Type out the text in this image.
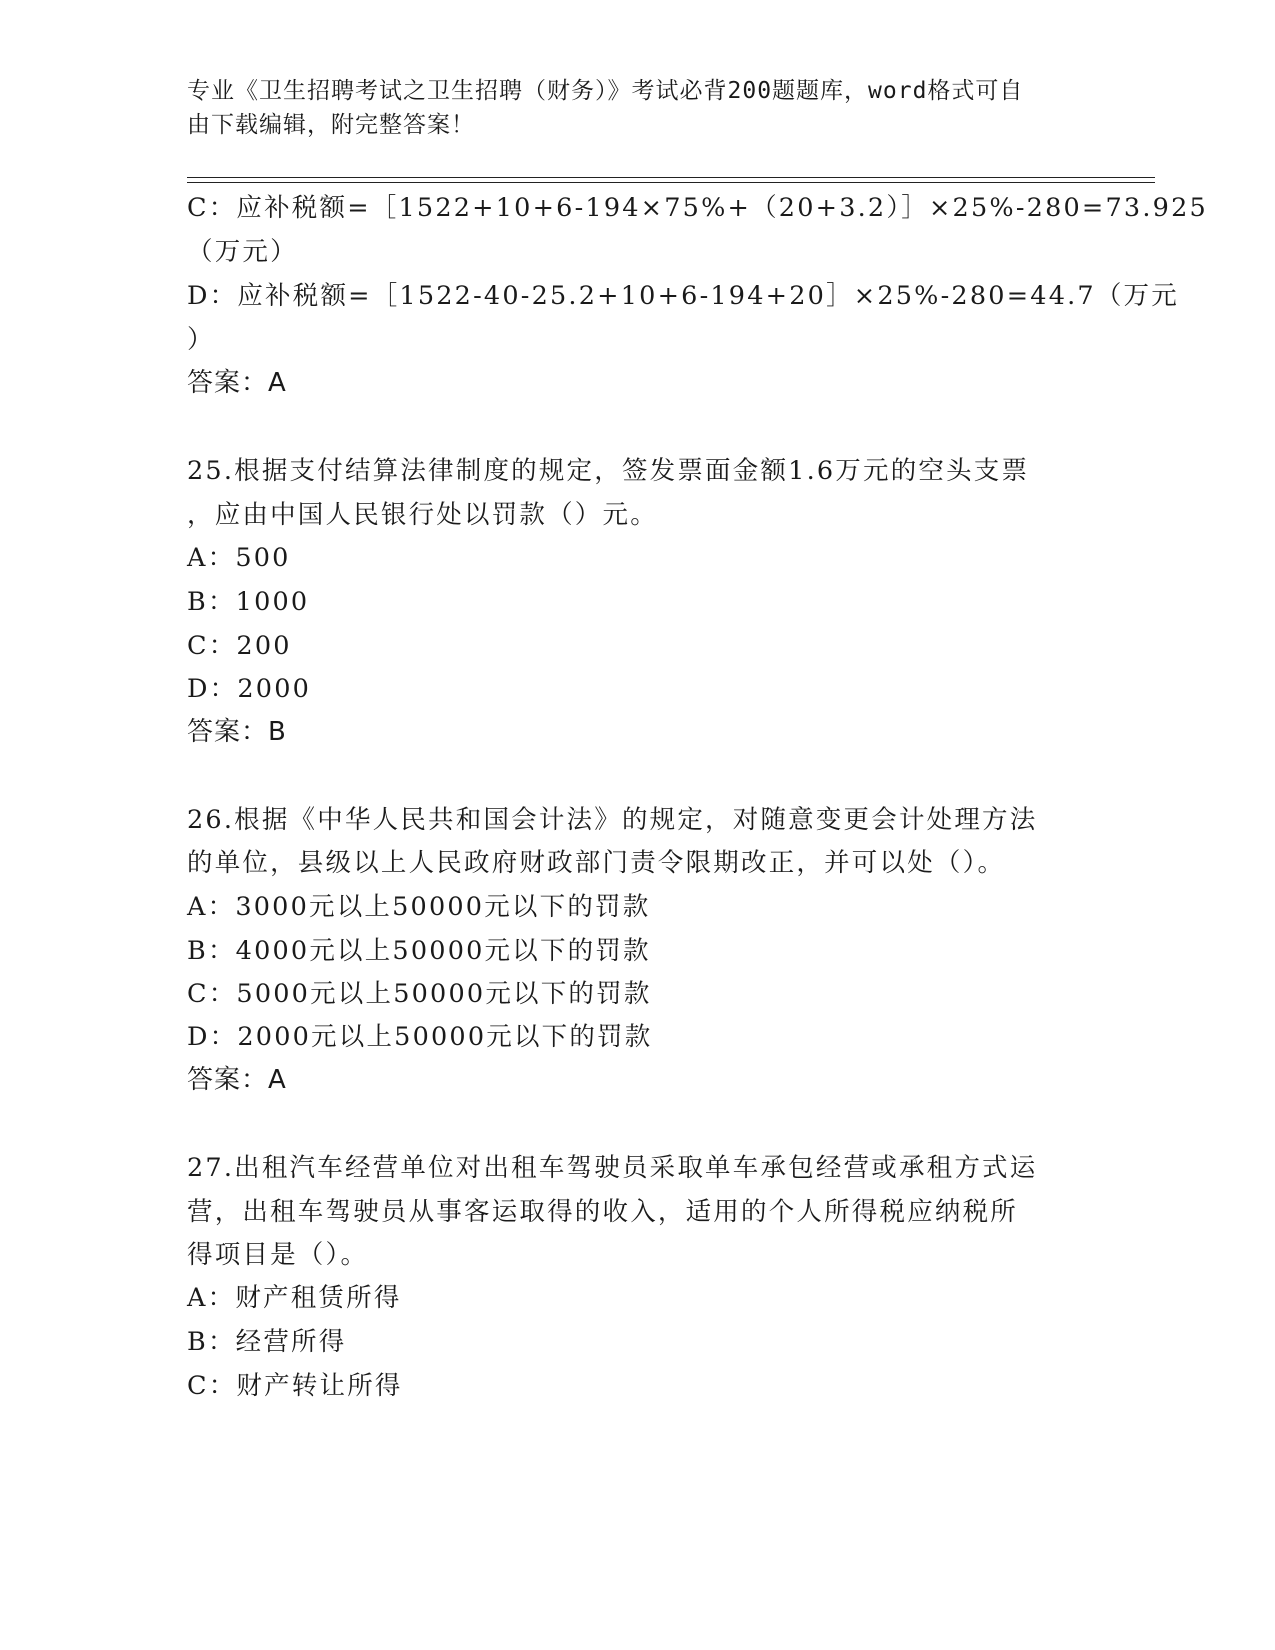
专业《卫生招聘考试之卫生招聘（财务）》考试必背200题题库，word格式可自
由下载编辑，附完整答案！
C：应补税额=［1522+10+6-194×75%+（20+3.2）］×25%-280=73.925
（万元）
D：应补税额=［1522-40-25.2+10+6-194+20］×25%-280=44.7（万元
）
答案：A
25.根据支付结算法律制度的规定，签发票面金额1.6万元的空头支票
，应由中国人民银行处以罚款（）元。
A：500
B：1000
C：200
D：2000
答案：B
26.根据《中华人民共和国会计法》的规定，对随意变更会计处理方法
的单位，县级以上人民政府财政部门责令限期改正，并可以处（）。
A：3000元以上50000元以下的罚款
B：4000元以上50000元以下的罚款
C：5000元以上50000元以下的罚款
D：2000元以上50000元以下的罚款
答案：A
27.出租汽车经营单位对出租车驾驶员采取单车承包经营或承租方式运
营，出租车驾驶员从事客运取得的收入，适用的个人所得税应纳税所
得项目是（）。
A：财产租赁所得
B：经营所得
C：财产转让所得
